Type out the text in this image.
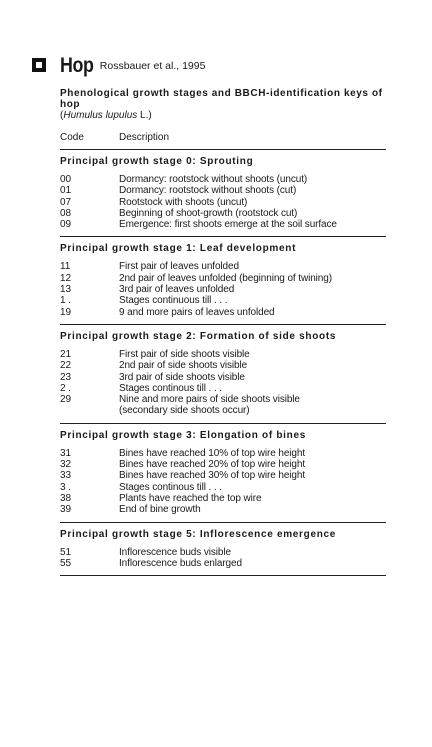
Hop Rossbauer et al., 1995

Phenological growth stages and BBCH-identification keys of hop

(Humulus lupulus L.)

Code	Description

Principal growth stage 0: Sprouting

00	Dormancy: rootstock without shoots (uncut)
01	Dormancy: rootstock without shoots (cut)
07	Rootstock with shoots (uncut)
08	Beginning of shoot-growth (rootstock cut)
09	Emergence: first shoots emerge at the soil surface

Principal growth stage 1: Leaf development

11	First pair of leaves unfolded
12	2nd pair of leaves unfolded (beginning of twining)
13	3rd pair of leaves unfolded
1 .	Stages continuous till . . .
19	9 and more pairs of leaves unfolded

Principal growth stage 2: Formation of side shoots

21	First pair of side shoots visible
22	2nd pair of side shoots visible
23	3rd pair of side shoots visible
2 .	Stages continous till . . .
29	Nine and more pairs of side shoots visible
(secondary side shoots occur)

Principal growth stage 3: Elongation of bines

31	Bines have reached 10% of top wire height
32	Bines have reached 20% of top wire height
33	Bines have reached 30% of top wire height
3 .	Stages continous till . . .
38	Plants have reached the top wire
39	End of bine growth

Principal growth stage 5: Inflorescence emergence

51	Inflorescence buds visible
55	Inflorescence buds enlarged
